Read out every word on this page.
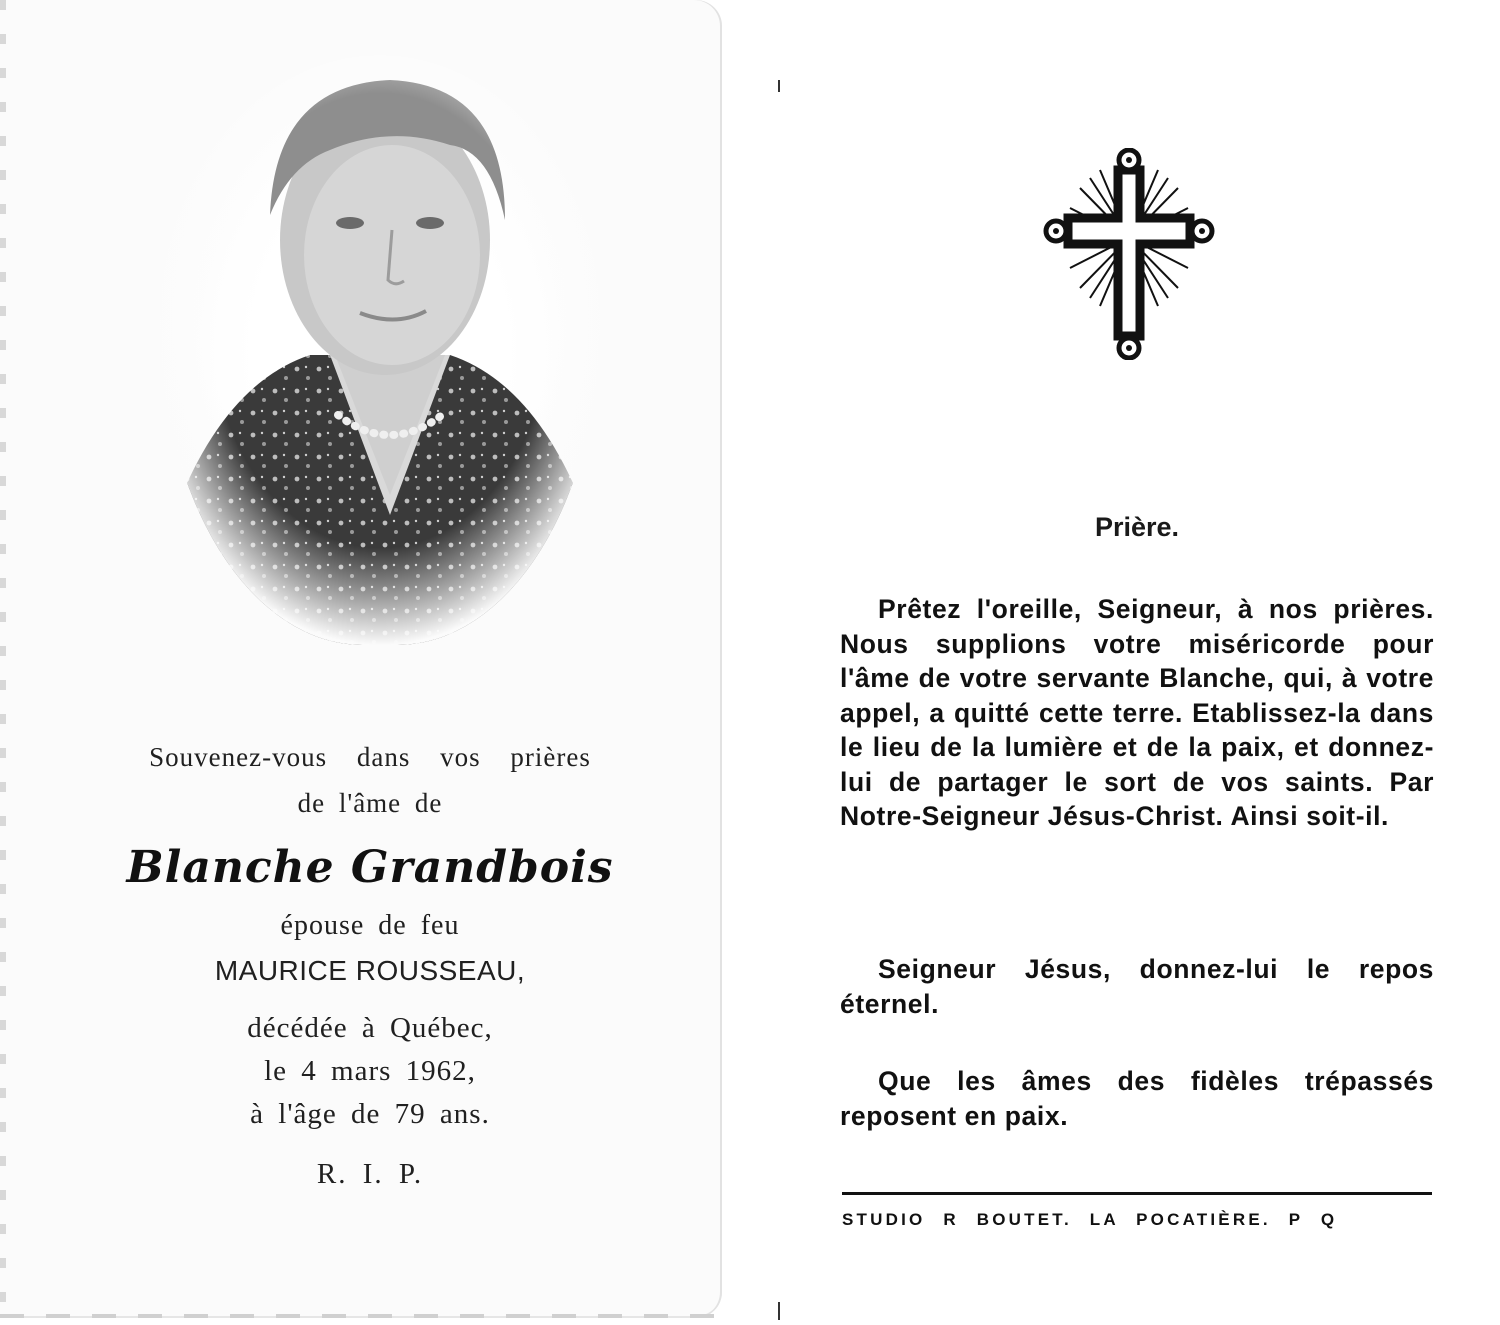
Souvenez-vous dans vos prières
de l'âme de
Blanche Grandbois
épouse de feu
MAURICE ROUSSEAU,
décédée à Québec,
le 4 mars 1962,
à l'âge de 79 ans.
R. I. P.
Prière.

Prêtez l'oreille, Seigneur, à nos prières. Nous supplions votre miséricorde pour l'âme de votre servante Blanche, qui, à votre appel, a quitté cette terre. Etablissez-la dans le lieu de la lumière et de la paix, et donnez-lui de partager le sort de vos saints. Par Notre-Seigneur Jésus-Christ. Ainsi soit-il.

Seigneur Jésus, donnez-lui le repos éternel.

Que les âmes des fidèles trépassés reposent en paix.

STUDIO R BOUTET. LA POCATIÈRE. P Q
